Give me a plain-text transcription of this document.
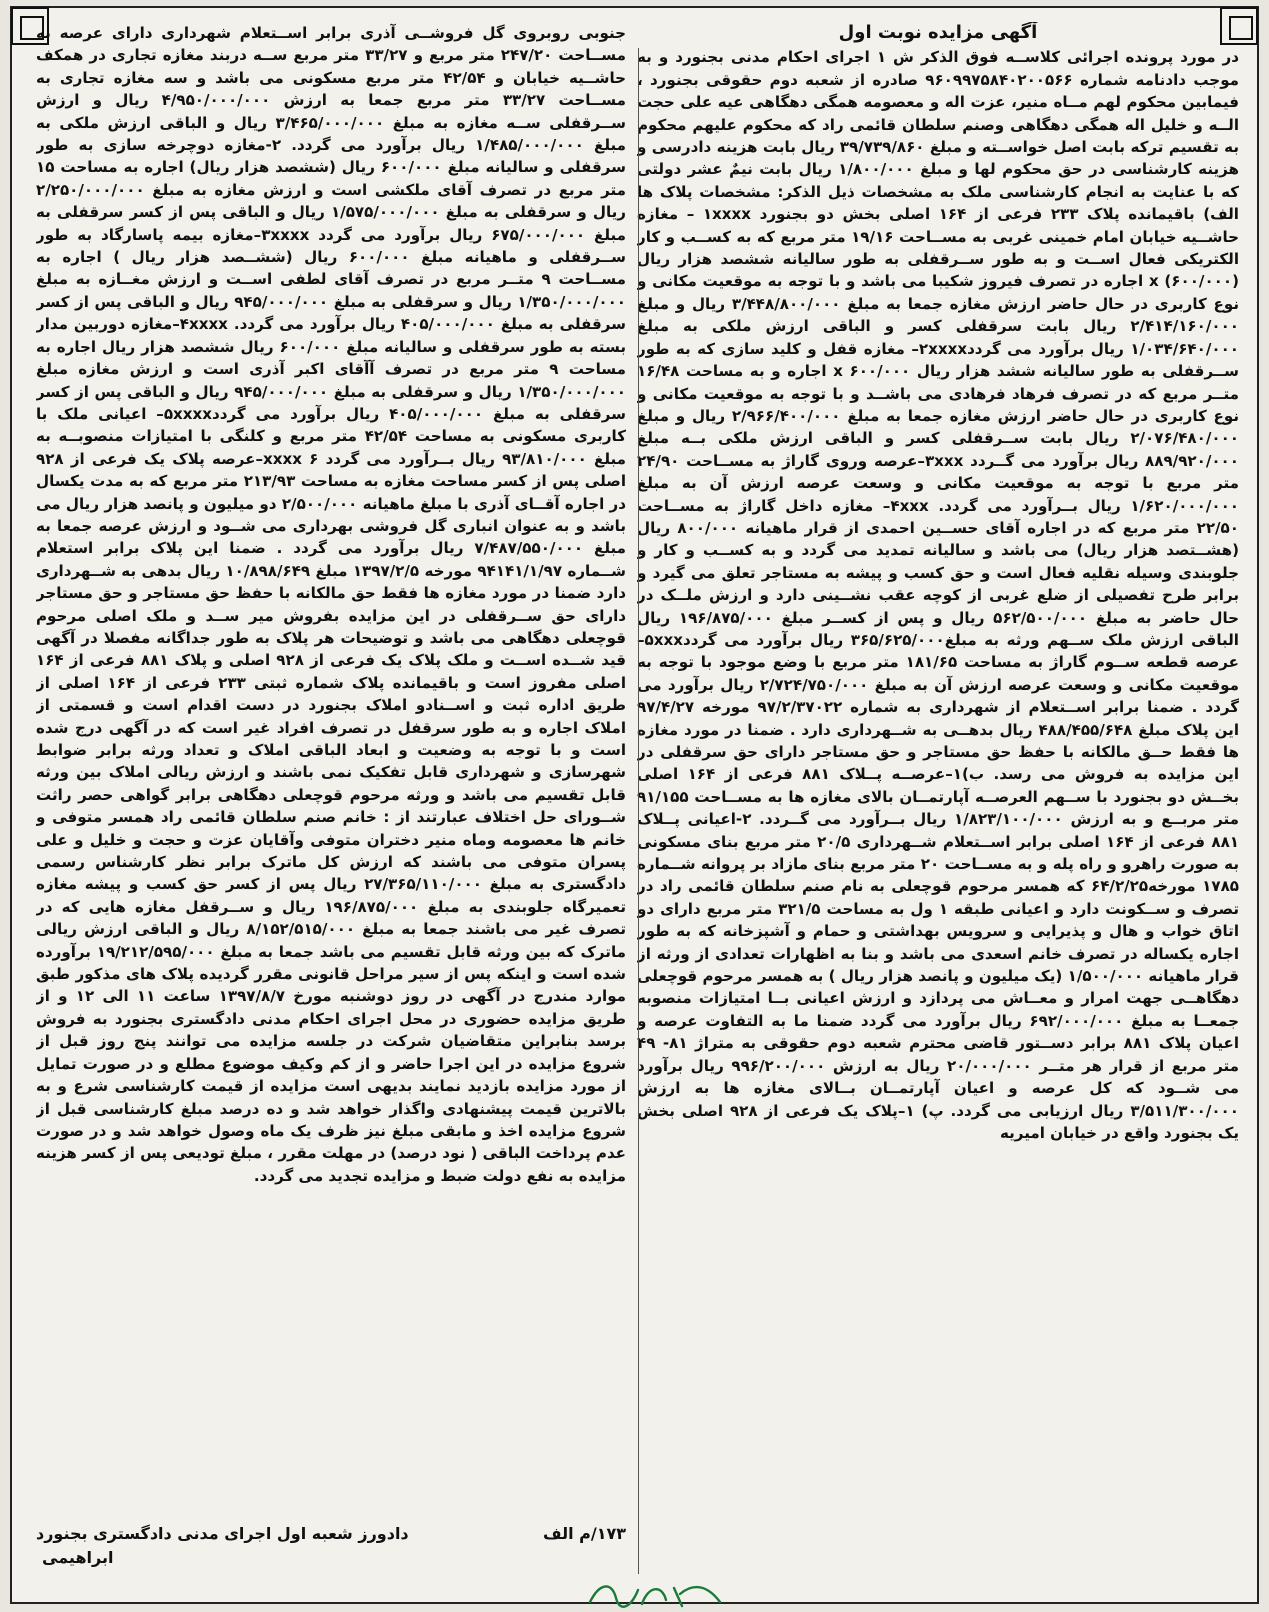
آگهی مزایده نوبت اول

در مورد پرونده اجرائی کلاســه فوق الذکر ش ۱ اجرای احکام مدنی بجنورد و به موجب دادنامه شماره ۹۶۰۹۹۷۵۸۴۰۲۰۰۵۶۶ صادره از شعبه دوم حقوقی بجنورد ، فیمابین محکوم لهم مــاه منیر، عزت اله و معصومه همگی دهگاهی عیه علی حجت الــه و خلیل اله همگی دهگاهی وصنم سلطان قائمی راد که محکوم علیهم محکوم به تقسیم ترکه بابت اصل خواســته و مبلغ ۳۹/۷۳۹/۸۶۰ ریال بابت هزینه دادرسی و هزینه کارشناسی در حق محکوم لها و مبلغ ۱/۸۰۰/۰۰۰ ریال بابت نیمٌ عشر دولتی که با عنایت به انجام کارشناسی ملک به مشخصات ذیل الذکر: مشخصات پلاک ها الف) باقیمانده پلاک ۲۳۳ فرعی از ۱۶۴ اصلی بخش دو بجنورد ۱xxxx – مغازه حاشــیه خیابان امام خمینی غربی به مســاحت ۱۹/۱۶ متر مربع که به کســب و کار الکتریکی فعال اســت و به طور ســرقفلی به طور سالیانه ششصد هزار ریال (۶۰۰/۰۰۰) x اجاره در تصرف فیروز شکیبا می باشد و با توجه به موقعیت مکانی و نوع کاربری در حال حاضر ارزش مغازه جمعا به مبلغ ۳/۴۴۸/۸۰۰/۰۰۰ ریال و مبلغ ۲/۴۱۴/۱۶۰/۰۰۰ ریال بابت سرقفلی کسر و الباقی ارزش ملکی به مبلغ ۱/۰۳۴/۶۴۰/۰۰۰ ریال برآورد می گردد۲xxxx– مغازه قفل و کلید سازی که به طور ســرقفلی به طور سالیانه ششد هزار ریال ۶۰۰/۰۰۰ x اجاره و به مساحت ۱۶/۴۸ متــر مربع که در تصرف فرهاد فرهادی می باشــد و با توجه به موقعیت مکانی و نوع کاربری در حال حاضر ارزش مغازه جمعا به مبلغ ۲/۹۶۶/۴۰۰/۰۰۰ ریال و مبلغ ۲/۰۷۶/۴۸۰/۰۰۰ ریال بابت ســرقفلی کسر و الباقی ارزش ملکی بــه مبلغ ۸۸۹/۹۲۰/۰۰۰ ریال برآورد می گــردد ۳xxx–عرصه وروی گاراژ به مســاحت ۲۴/۹۰ متر مربع با توجه به موقعیت مکانی و وسعت عرصه ارزش آن به مبلغ ۱/۶۲۰/۰۰۰/۰۰۰ ریال بــرآورد می گردد. ۴xxx– مغازه داخل گاراژ به مســاحت ۲۲/۵۰ متر مربع که در اجاره آقای حســین احمدی از قرار ماهیانه ۸۰۰/۰۰۰ ریال (هشــتصد هزار ریال) می باشد و سالیانه تمدید می گردد و به کســب و کار و جلوبندی وسیله نقلیه فعال است و حق کسب و پیشه به مستاجر تعلق می گیرد و برابر طرح تفصیلی از ضلع غربی از کوچه عقب نشــینی دارد و ارزش ملــک در حال حاضر به مبلغ ۵۶۲/۵۰۰/۰۰۰ ریال و پس از کســر مبلغ ۱۹۶/۸۷۵/۰۰۰ ریال الباقی ارزش ملک ســهم ورثه به مبلغ۳۶۵/۶۲۵/۰۰۰ ریال برآورد می گردد۵xxx–عرصه قطعه ســوم گاراژ به مساحت ۱۸۱/۶۵ متر مربع با وضع موجود با توجه به موقعیت مکانی و وسعت عرصه ارزش آن به مبلغ ۲/۷۲۴/۷۵۰/۰۰۰ ریال برآورد می گردد . ضمنا برابر اســتعلام از شهرداری به شماره ۹۷/۲/۳۷۰۲۲ مورخه ۹۷/۴/۲۷ این پلاک مبلغ ۴۸۸/۴۵۵/۶۴۸ ریال بدهــی به شــهرداری دارد . ضمنا در مورد مغازه ها فقط حــق مالکانه با حفظ حق مستاجر و حق مستاجر دارای حق سرقفلی در این مزایده به فروش می رسد. ب)۱–عرصــه پــلاک ۸۸۱ فرعی از ۱۶۴ اصلی بخــش دو بجنورد با ســهم العرصــه آپارتمــان بالای مغازه ها به مســاحت ۹۱/۱۵۵ متر مربــع و به ارزش ۱/۸۲۳/۱۰۰/۰۰۰ ریال بــرآورد می گــردد. ۲-اعیانی پــلاک ۸۸۱ فرعی از ۱۶۴ اصلی برابر اســتعلام شــهرداری ۲۰/۵ متر مربع بنای مسکونی به صورت راهرو و راه پله و به مســاحت ۲۰ متر مربع بنای مازاد بر پروانه شــماره ۱۷۸۵ مورخه۶۴/۲/۲۵ که همسر مرحوم قوچعلی به نام صنم سلطان قائمی راد در تصرف و ســکونت دارد و اعیانی طبقه ۱ ول به مساحت ۳۲۱/۵ متر مربع دارای دو اتاق خواب و هال و پذیرایی و سرویس بهداشتی و حمام و آشپزخانه که به طور اجاره یکساله در تصرف خانم اسعدی می باشد و بنا به اظهارات تعدادی از ورثه از قرار ماهیانه ۱/۵۰۰/۰۰۰ (یک میلیون و پانصد هزار ریال ) به همسر مرحوم قوچعلی دهگاهــی جهت امرار و معــاش می پردازد و ارزش اعیانی بــا امتیازات منصوبه جمعــا به مبلغ ۶۹۲/۰۰۰/۰۰۰ ریال برآورد می گردد ضمنا ما به التفاوت عرصه و اعیان پلاک ۸۸۱ برابر دســتور قاضی محترم شعبه دوم حقوقی به متراژ ۸۱- ۴۹ متر مربع از قرار هر متــر ۲۰/۰۰۰/۰۰۰ ریال به ارزش ۹۹۶/۲۰۰/۰۰۰ ریال برآورد می شــود که کل عرصه و اعیان آپارتمــان بــالای مغازه ها به ارزش ۳/۵۱۱/۳۰۰/۰۰۰ ریال ارزیابی می گردد. پ) ۱–پلاک یک فرعی از ۹۲۸ اصلی بخش یک بجنورد واقع در خیابان امیریه

جنوبی روبروی گل فروشــی آذری برابر اســتعلام شهرداری دارای عرصه به مســاحت ۲۴۷/۲۰ متر مربع و ۳۳/۲۷ متر مربع ســه دربند مغازه تجاری در همکف حاشــیه خیابان و ۴۲/۵۴ متر مربع مسکونی می باشد و سه مغازه تجاری به مســاحت ۳۳/۲۷ متر مربع جمعا به ارزش ۴/۹۵۰/۰۰۰/۰۰۰ ریال و ارزش ســرقفلی ســه مغازه به مبلغ ۳/۴۶۵/۰۰۰/۰۰۰ ریال و الباقی ارزش ملکی به مبلغ ۱/۴۸۵/۰۰۰/۰۰۰ ریال برآورد می گردد. ۲-مغازه دوچرخه سازی به طور سرقفلی و سالیانه مبلغ ۶۰۰/۰۰۰ ریال (ششصد هزار ریال) اجاره به مساحت ۱۵ متر مربع در تصرف آقای ملکشی است و ارزش مغازه به مبلغ ۲/۲۵۰/۰۰۰/۰۰۰ ریال و سرقفلی به مبلغ ۱/۵۷۵/۰۰۰/۰۰۰ ریال و الباقی پس از کسر سرقفلی به مبلغ ۶۷۵/۰۰۰/۰۰۰ ریال برآورد می گردد ۳xxxx–مغازه بیمه پاسارگاد به طور ســرقفلی و ماهیانه مبلغ ۶۰۰/۰۰۰ ریال (ششــصد هزار ریال ) اجاره به مســاحت ۹ متــر مربع در تصرف آقای لطفی اســت و ارزش مغــازه به مبلغ ۱/۳۵۰/۰۰۰/۰۰۰ ریال و سرقفلی به مبلغ ۹۴۵/۰۰۰/۰۰۰ ریال و الباقی پس از کسر سرقفلی به مبلغ ۴۰۵/۰۰۰/۰۰۰ ریال برآورد می گردد. ۴xxxx–مغازه دوربین مدار بسته به طور سرقفلی و سالیانه مبلغ ۶۰۰/۰۰۰ ریال ششصد هزار ریال اجاره به مساحت ۹ متر مربع در تصرف آآقای اکبر آذری است و ارزش مغازه مبلغ ۱/۳۵۰/۰۰۰/۰۰۰ ریال و سرقفلی به مبلغ ۹۴۵/۰۰۰/۰۰۰ ریال و الباقی پس از کسر سرقفلی به مبلغ ۴۰۵/۰۰۰/۰۰۰ ریال برآورد می گردد۵xxxx– اعیانی ملک با کاربری مسکونی به مساحت ۴۲/۵۴ متر مربع و کلنگی با امتیازات منصوبــه به مبلغ ۹۳/۸۱۰/۰۰۰ ریال بــرآورد می گردد xxxx ۶–عرصه پلاک یک فرعی از ۹۲۸ اصلی پس از کسر مساحت مغازه به مساحت ۲۱۳/۹۳ متر مربع که به مدت یکسال در اجاره آقــای آذری با مبلغ ماهیانه ۲/۵۰۰/۰۰۰ دو میلیون و پانصد هزار ریال می باشد و به عنوان انباری گل فروشی بهرداری می شــود و ارزش عرصه جمعا به مبلغ ۷/۴۸۷/۵۵۰/۰۰۰ ریال برآورد می گردد . ضمنا این پلاک برابر استعلام شــماره ۹۴۱۴۱/۱/۹۷ مورخه ۱۳۹۷/۲/۵ مبلغ ۱۰/۸۹۸/۶۴۹ ریال بدهی به شــهرداری دارد ضمنا در مورد مغازه ها فقط حق مالکانه با حفظ حق مستاجر و حق مستاجر دارای حق ســرقفلی در این مزایده بفروش میر ســد و ملک اصلی مرحوم قوچعلی دهگاهی می باشد و توضیحات هر پلاک به طور جداگانه مفصلا در آگهی قید شــده اســت و ملک پلاک یک فرعی از ۹۲۸ اصلی و پلاک ۸۸۱ فرعی از ۱۶۴ اصلی مفروز است و باقیمانده پلاک شماره ثبتی ۲۳۳ فرعی از ۱۶۴ اصلی از طریق اداره ثبت و اســنادو املاک بجنورد در دست اقدام است و قسمتی از املاک اجاره و به طور سرقفل در تصرف افراد غیر است که در آگهی درج شده است و با توجه به وضعیت و ابعاد الباقی املاک و تعداد ورثه برابر ضوابط شهرسازی و شهرداری قابل تفکیک نمی باشند و ارزش ریالی املاک بین ورثه قابل تقسیم می باشد و ورثه مرحوم قوچعلی دهگاهی برابر گواهی حصر راثت شــورای حل اختلاف عبارتند از : خانم صنم سلطان قائمی راد همسر متوفی و خانم ها معصومه وماه منیر دختران متوفی وآقایان عزت و حجت و خلیل و علی پسران متوفی می باشند که ارزش کل ماترک برابر نظر کارشناس رسمی دادگستری به مبلغ ۲۷/۳۶۵/۱۱۰/۰۰۰ ریال پس از کسر حق کسب و پیشه مغازه تعمیرگاه جلوبندی به مبلغ ۱۹۶/۸۷۵/۰۰۰ ریال و ســرقفل مغازه هایی که در تصرف غیر می باشند جمعا به مبلغ ۸/۱۵۲/۵۱۵/۰۰۰ ریال و الباقی ارزش ریالی ماترک که بین ورثه قابل تقسیم می باشد جمعا به مبلغ ۱۹/۲۱۲/۵۹۵/۰۰۰ برآورده شده است و اینکه پس از سیر مراحل قانونی مقرر گردیده پلاک های مذکور طبق موارد مندرج در آگهی در روز دوشنبه مورخ ۱۳۹۷/۸/۷ ساعت ۱۱ الی ۱۲ و از طریق مزایده حضوری در محل اجرای احکام مدنی دادگستری بجنورد به فروش برسد بنابراین متقاضیان شرکت در جلسه مزایده می توانند پنج روز قبل از شروع مزایده در این اجرا حاضر و از کم وکیف موضوع مطلع و در صورت تمایل از مورد مزایده بازدید نمایند بدیهی است مزایده از قیمت کارشناسی شرع و به بالاترین قیمت پیشنهادی واگذار خواهد شد و ده درصد مبلغ کارشناسی قبل از شروع مزایده اخذ و مابقی مبلغ نیز ظرف یک ماه وصول خواهد شد و در صورت عدم پرداخت الباقی ( نود درصد) در مهلت مقرر ، مبلغ تودیعی پس از کسر هزینه مزایده به نفع دولت ضبط و مزایده تجدید می گردد.

۱۷۳/م الف
دادورز شعبه اول اجرای مدنی دادگستری بجنورد
ابراهیمی
